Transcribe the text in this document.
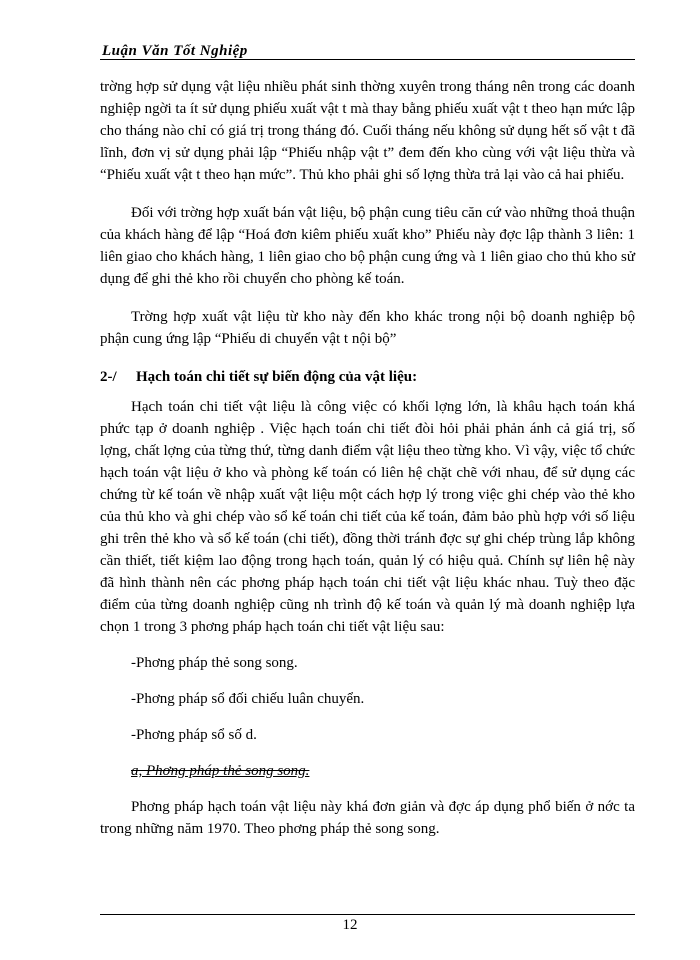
Luận Văn Tốt Nghiệp

trờng hợp sử dụng vật liệu nhiều phát sinh thờng xuyên trong tháng nên trong các doanh nghiệp ngời ta ít sử dụng phiếu xuất vật t mà thay bằng phiếu xuất vật t theo hạn mức lập cho tháng nào chỉ có giá trị trong tháng đó. Cuối tháng nếu không sử dụng hết số vật t đã lĩnh, đơn vị sử dụng phải lập “Phiếu nhập vật t” đem đến kho cùng với vật liệu thừa và “Phiếu xuất vật t theo hạn mức”. Thủ kho phải ghi số lợng thừa trả lại vào cả hai phiếu.

Đối với trờng hợp xuất bán vật liệu, bộ phận cung tiêu căn cứ vào những thoả thuận của khách hàng để lập “Hoá đơn kiêm phiếu xuất kho” Phiếu này đợc lập thành 3 liên: 1 liên giao cho khách hàng, 1 liên giao cho bộ phận cung ứng và 1 liên giao cho thủ kho sử dụng để ghi thẻ kho rồi chuyển cho phòng kế toán.

Trờng hợp xuất vật liệu từ kho này đến kho khác trong nội bộ doanh nghiệp bộ phận cung ứng lập “Phiếu di chuyển vật t nội bộ”

2-/ Hạch toán chi tiết sự biến động của vật liệu:

Hạch toán chi tiết vật liệu là công việc có khối lợng lớn, là khâu hạch toán khá phức tạp ở doanh nghiệp . Việc hạch toán chi tiết đòi hỏi phải phản ánh cả giá trị, số lợng, chất lợng của từng thứ, từng danh điểm vật liệu theo từng kho. Vì vậy, việc tổ chức hạch toán vật liệu ở kho và phòng kế toán có liên hệ chặt chẽ với nhau, để sử dụng các chứng từ kế toán về nhập xuất vật liệu một cách hợp lý trong việc ghi chép vào thẻ kho của thủ kho và ghi chép vào sổ kế toán chi tiết của kế toán, đảm bảo phù hợp với số liệu ghi trên thẻ kho và sổ kế toán (chi tiết), đồng thời tránh đợc sự ghi chép trùng lắp không cần thiết, tiết kiệm lao động trong hạch toán, quản lý có hiệu quả. Chính sự liên hệ này đã hình thành nên các phơng pháp hạch toán chi tiết vật liệu khác nhau. Tuỳ theo đặc điểm của từng doanh nghiệp cũng nh trình độ kế toán và quản lý mà doanh nghiệp lựa chọn 1 trong 3 phơng pháp hạch toán chi tiết vật liệu sau:

-Phơng pháp thẻ song song.
-Phơng pháp sổ đối chiếu luân chuyển.
-Phơng pháp sổ số d.
a, Phơng pháp thẻ song song.

Phơng pháp hạch toán vật liệu này khá đơn giản và đợc áp dụng phổ biến ở nớc ta trong những năm 1970. Theo phơng pháp thẻ song song.

12
